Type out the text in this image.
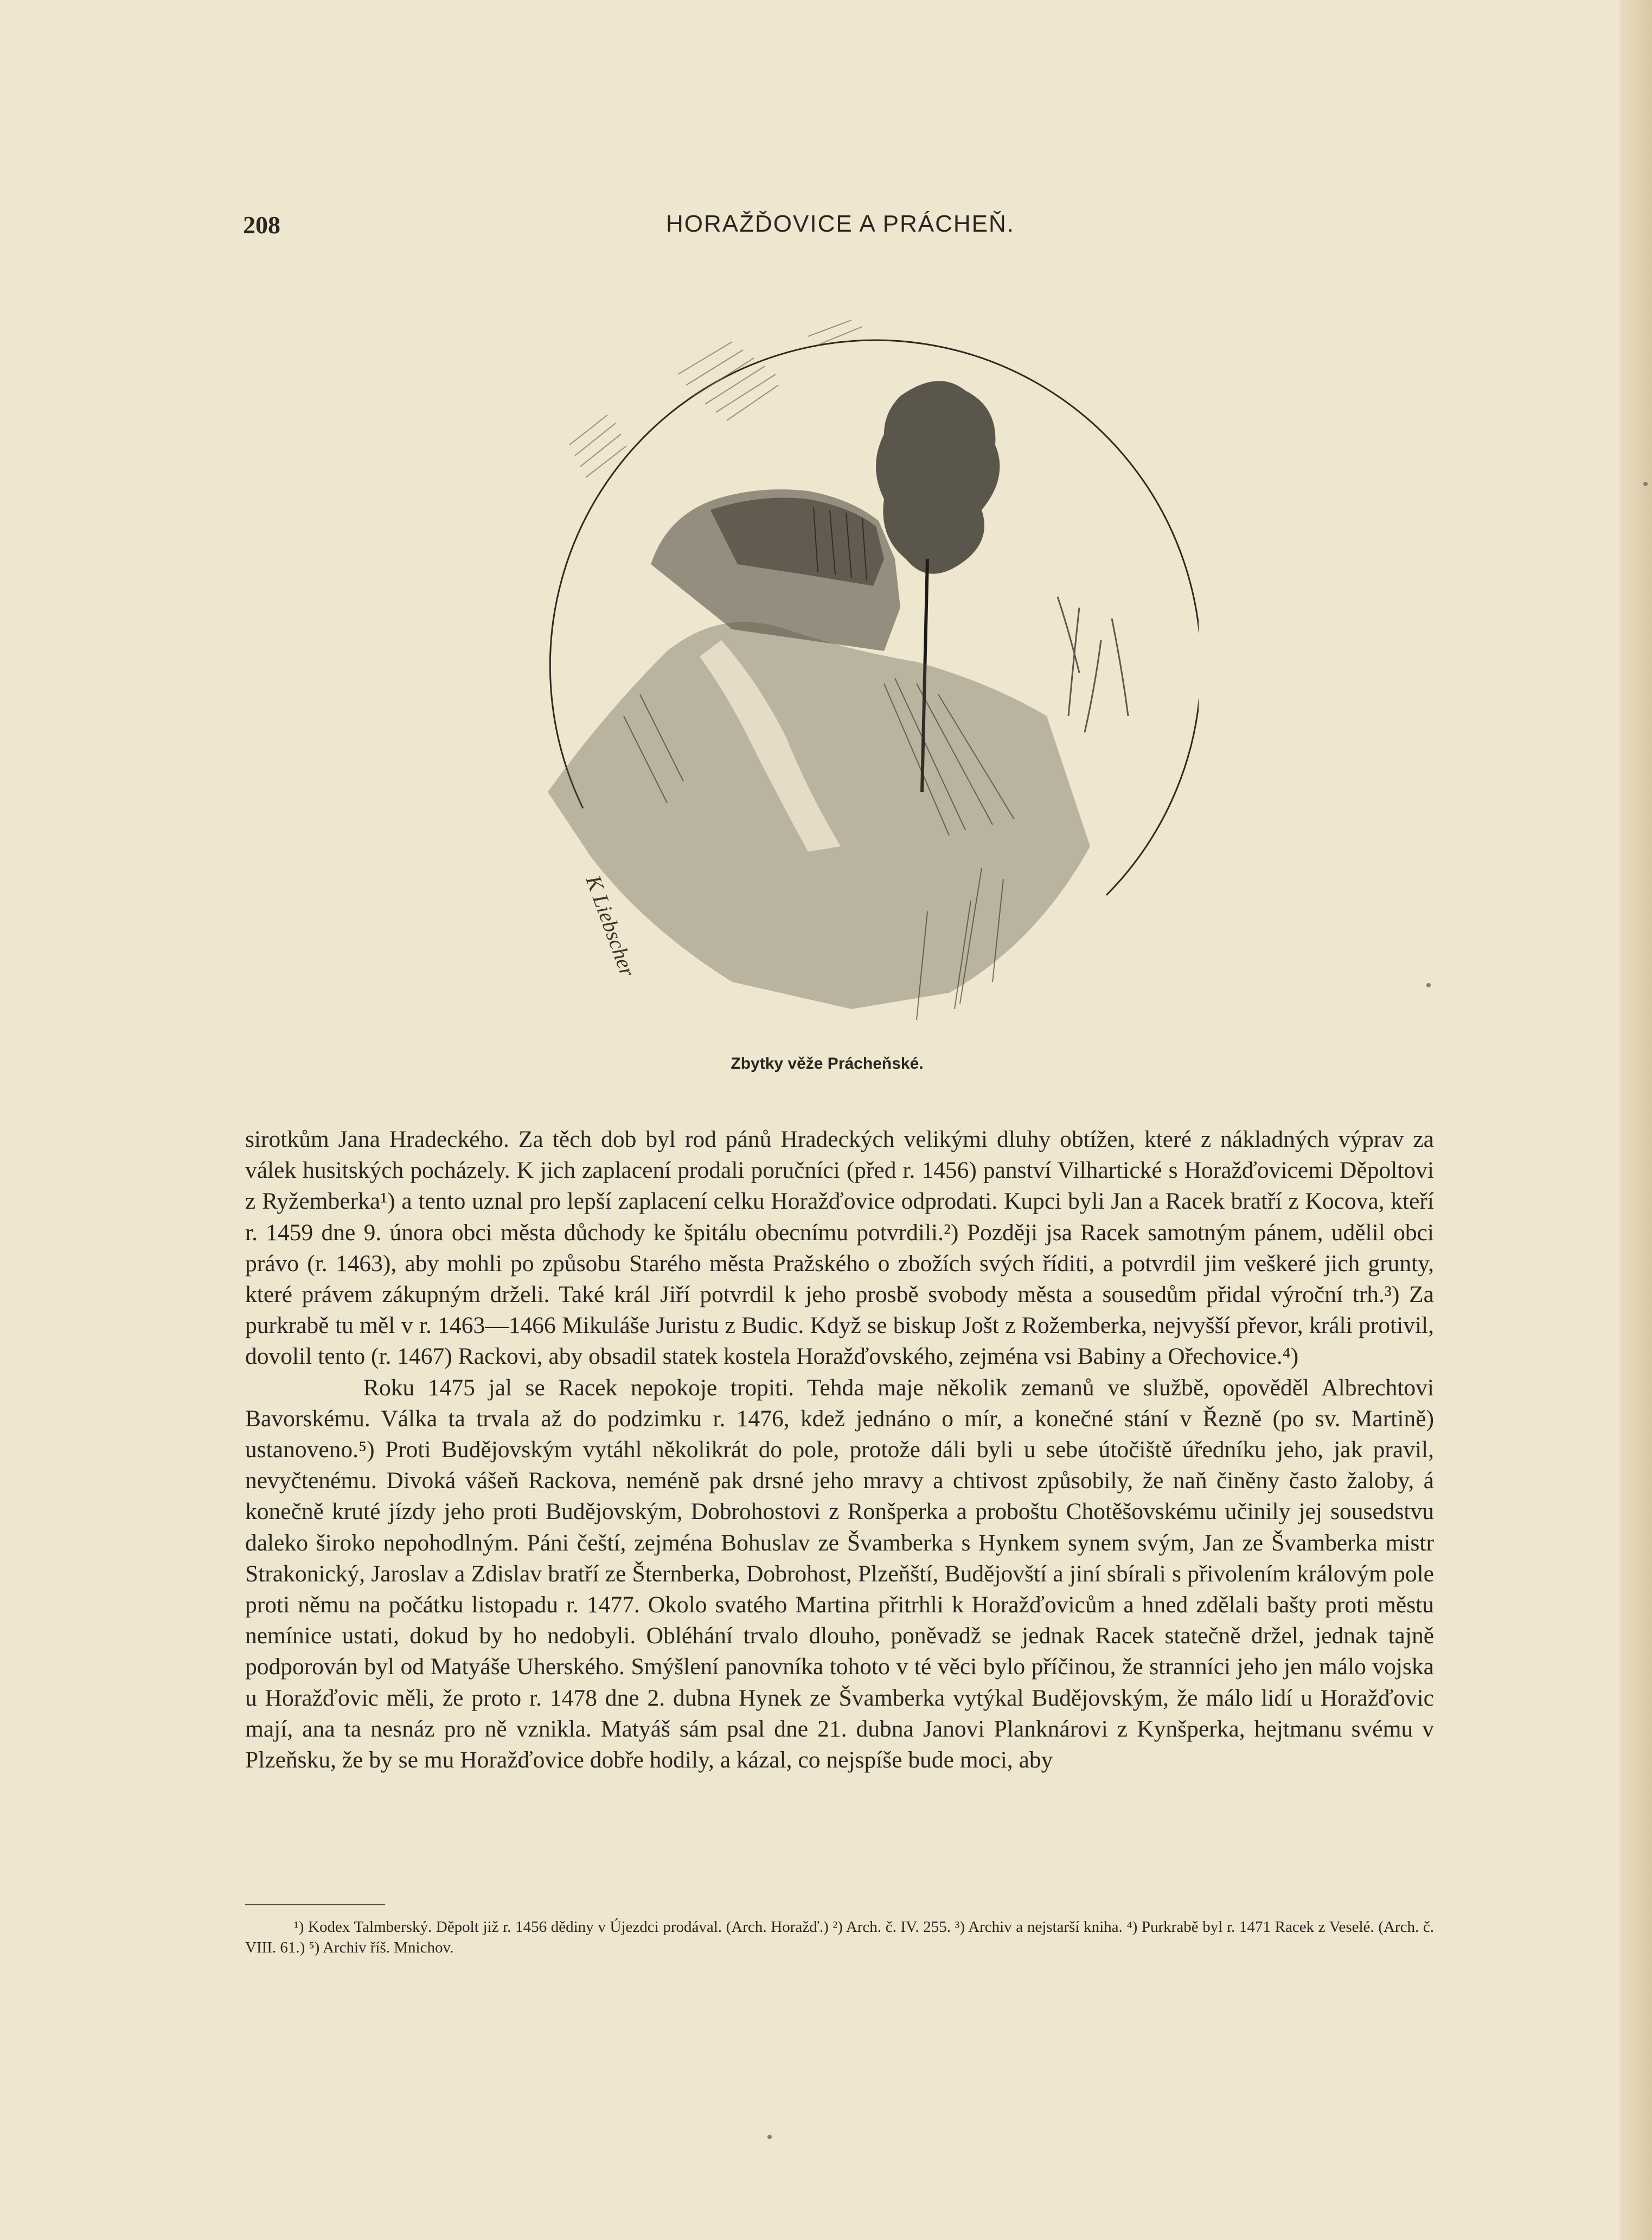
208	HORAŽĎOVICE A PRÁCHEŇ.
K Liebscher
Zbytky věže Prácheňské.

sirotkům Jana Hradeckého. Za těch dob byl rod pánů Hradeckých velikými dluhy obtížen, které z nákladných výprav za válek husitských pocházely. K jich zaplacení prodali poručníci (před r. 1456) panství Vilhartické s Horažďovicemi Děpoltovi z Ryžemberka¹) a tento uznal pro lepší zaplacení celku Horažďovice odprodati. Kupci byli Jan a Racek bratří z Kocova, kteří r. 1459 dne 9. února obci města důchody ke špitálu obecnímu potvrdili.²) Později jsa Racek samotným pánem, udělil obci právo (r. 1463), aby mohli po způsobu Starého města Pražského o zbožích svých říditi, a potvrdil jim veškeré jich grunty, které právem zákupným drželi. Také král Jiří potvrdil k jeho prosbě svobody města a sousedům přidal výroční trh.³) Za purkrabě tu měl v r. 1463—1466 Mikuláše Juristu z Budic. Když se biskup Jošt z Rožemberka, nejvyšší převor, králi protivil, dovolil tento (r. 1467) Rackovi, aby obsadil statek kostela Horažďovského, zejména vsi Babiny a Ořechovice.⁴)

Roku 1475 jal se Racek nepokoje tropiti. Tehda maje několik zemanů ve službě, opověděl Albrechtovi Bavorskému. Válka ta trvala až do podzimku r. 1476, kdež jednáno o mír, a konečné stání v Řezně (po sv. Martině) ustanoveno.⁵) Proti Budějovským vytáhl několikrát do pole, protože dáli byli u sebe útočiště úředníku jeho, jak pravil, nevyčtenému. Divoká vášeň Rackova, neméně pak drsné jeho mravy a chtivost způsobily, že naň činěny často žaloby, á konečně kruté jízdy jeho proti Budějovským, Dobrohostovi z Ronšperka a proboštu Chotěšovskému učinily jej sousedstvu daleko široko nepohodlným. Páni čeští, zejména Bohuslav ze Švamberka s Hynkem synem svým, Jan ze Švamberka mistr Strakonický, Jaroslav a Zdislav bratří ze Šternberka, Dobrohost, Plzeňští, Budějovští a jiní sbírali s přivolením královým pole proti němu na počátku listopadu r. 1477. Okolo svatého Martina přitrhli k Horažďovicům a hned zdělali bašty proti městu nemínice ustati, dokud by ho nedobyli. Obléhání trvalo dlouho, poněvadž se jednak Racek statečně držel, jednak tajně podporován byl od Matyáše Uherského. Smýšlení panovníka tohoto v té věci bylo příčinou, že stranníci jeho jen málo vojska u Horažďovic měli, že proto r. 1478 dne 2. dubna Hynek ze Švamberka vytýkal Budějovským, že málo lidí u Horažďovic mají, ana ta nesnáz pro ně vznikla. Matyáš sám psal dne 21. dubna Janovi Planknárovi z Kynšperka, hejtmanu svému v Plzeňsku, že by se mu Horažďovice dobře hodily, a kázal, co nejspíše bude moci, aby

¹) Kodex Talmberský. Děpolt již r. 1456 dědiny v Újezdci prodával. (Arch. Horažď.) ²) Arch. č. IV. 255. ³) Archiv a nejstarší kniha. ⁴) Purkrabě byl r. 1471 Racek z Veselé. (Arch. č. VIII. 61.) ⁵) Archiv říš. Mnichov.
